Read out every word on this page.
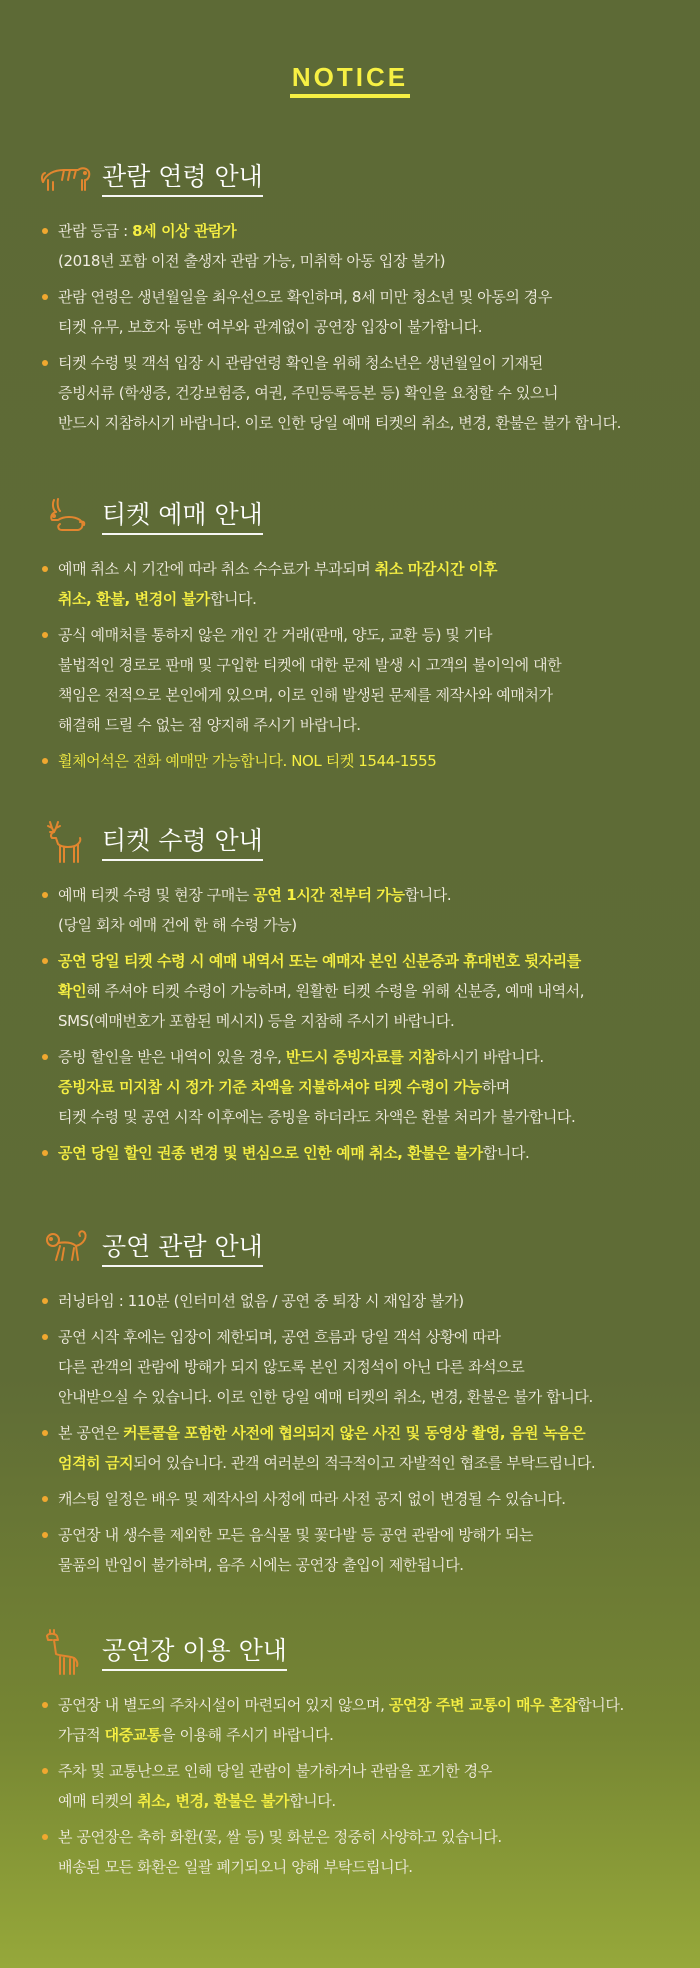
NOTICE
관람 연령 안내
관람 등급 : 8세 이상 관람가
(2018년 포함 이전 출생자 관람 가능, 미취학 아동 입장 불가)
관람 연령은 생년월일을 최우선으로 확인하며, 8세 미만 청소년 및 아동의 경우
티켓 유무, 보호자 동반 여부와 관계없이 공연장 입장이 불가합니다.
티켓 수령 및 객석 입장 시 관람연령 확인을 위해 청소년은 생년월일이 기재된
증빙서류 (학생증, 건강보험증, 여권, 주민등록등본 등) 확인을 요청할 수 있으니
반드시 지참하시기 바랍니다. 이로 인한 당일 예매 티켓의 취소, 변경, 환불은 불가 합니다.
티켓 예매 안내
예매 취소 시 기간에 따라 취소 수수료가 부과되며 취소 마감시간 이후
취소, 환불, 변경이 불가합니다.
공식 예매처를 통하지 않은 개인 간 거래(판매, 양도, 교환 등) 및 기타
불법적인 경로로 판매 및 구입한 티켓에 대한 문제 발생 시 고객의 불이익에 대한
책임은 전적으로 본인에게 있으며, 이로 인해 발생된 문제를 제작사와 예매처가
해결해 드릴 수 없는 점 양지해 주시기 바랍니다.
휠체어석은 전화 예매만 가능합니다. NOL 티켓 1544-1555
티켓 수령 안내
예매 티켓 수령 및 현장 구매는 공연 1시간 전부터 가능합니다.
(당일 회차 예매 건에 한 해 수령 가능)
공연 당일 티켓 수령 시 예매 내역서 또는 예매자 본인 신분증과 휴대번호 뒷자리를
확인해 주셔야 티켓 수령이 가능하며, 원활한 티켓 수령을 위해 신분증, 예매 내역서,
SMS(예매번호가 포함된 메시지) 등을 지참해 주시기 바랍니다.
증빙 할인을 받은 내역이 있을 경우, 반드시 증빙자료를 지참하시기 바랍니다.
증빙자료 미지참 시 정가 기준 차액을 지불하셔야 티켓 수령이 가능하며
티켓 수령 및 공연 시작 이후에는 증빙을 하더라도 차액은 환불 처리가 불가합니다.
공연 당일 할인 권종 변경 및 변심으로 인한 예매 취소, 환불은 불가합니다.
공연 관람 안내
러닝타임 : 110분 (인터미션 없음 / 공연 중 퇴장 시 재입장 불가)
공연 시작 후에는 입장이 제한되며, 공연 흐름과 당일 객석 상황에 따라
다른 관객의 관람에 방해가 되지 않도록 본인 지정석이 아닌 다른 좌석으로
안내받으실 수 있습니다. 이로 인한 당일 예매 티켓의 취소, 변경, 환불은 불가 합니다.
본 공연은 커튼콜을 포함한 사전에 협의되지 않은 사진 및 동영상 촬영, 음원 녹음은
엄격히 금지되어 있습니다. 관객 여러분의 적극적이고 자발적인 협조를 부탁드립니다.
캐스팅 일정은 배우 및 제작사의 사정에 따라 사전 공지 없이 변경될 수 있습니다.
공연장 내 생수를 제외한 모든 음식물 및 꽃다발 등 공연 관람에 방해가 되는
물품의 반입이 불가하며, 음주 시에는 공연장 출입이 제한됩니다.
공연장 이용 안내
공연장 내 별도의 주차시설이 마련되어 있지 않으며, 공연장 주변 교통이 매우 혼잡합니다.
가급적 대중교통을 이용해 주시기 바랍니다.
주차 및 교통난으로 인해 당일 관람이 불가하거나 관람을 포기한 경우
예매 티켓의 취소, 변경, 환불은 불가합니다.
본 공연장은 축하 화환(꽃, 쌀 등) 및 화분은 정중히 사양하고 있습니다.
배송된 모든 화환은 일괄 폐기되오니 양해 부탁드립니다.
